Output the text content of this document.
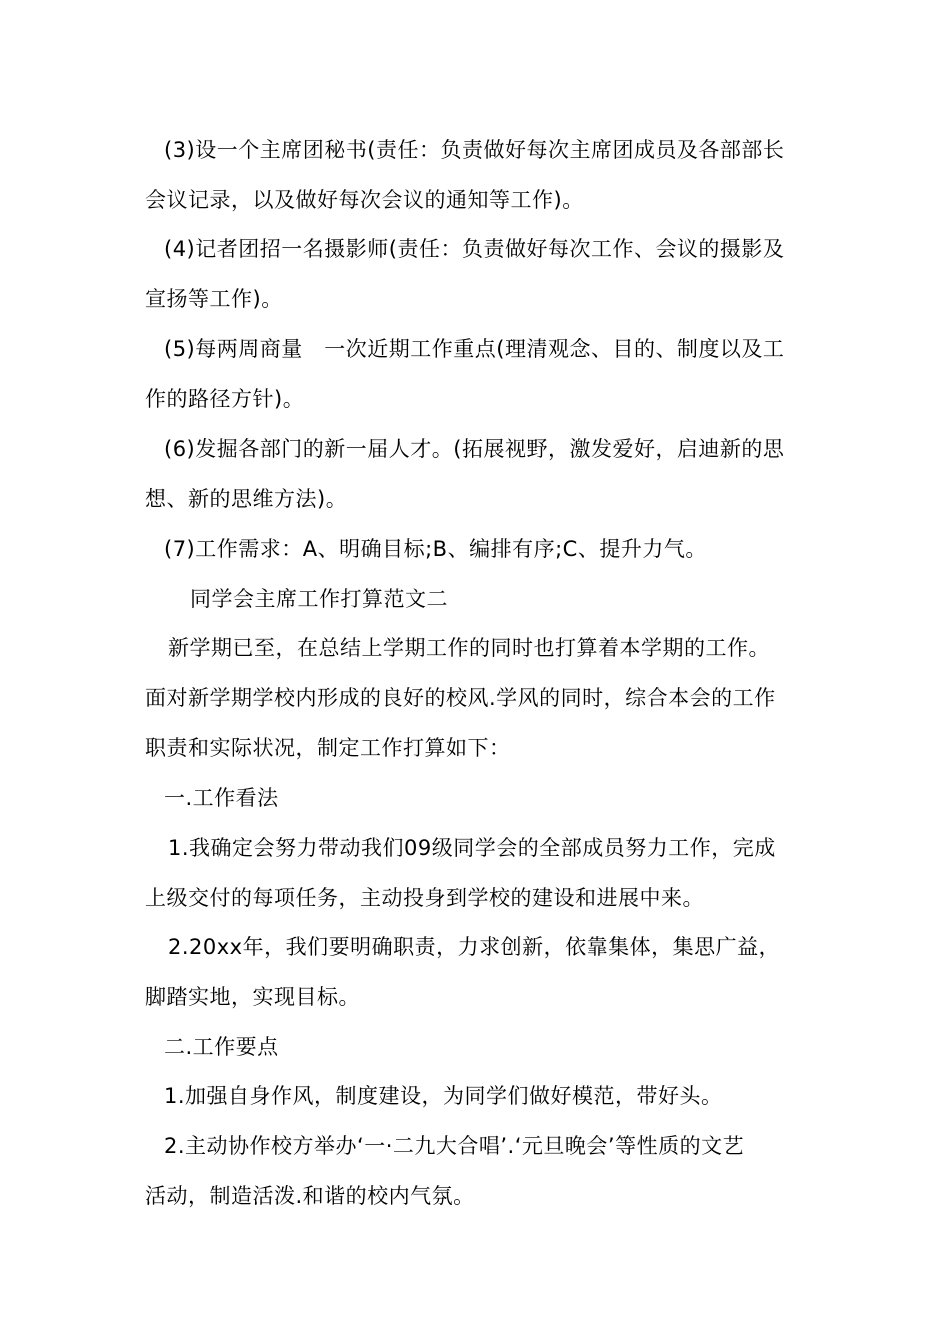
(3)设一个主席团秘书(责任：负责做好每次主席团成员及各部部长
会议记录，以及做好每次会议的通知等工作)。
(4)记者团招一名摄影师(责任：负责做好每次工作、会议的摄影及
宣扬等工作)。
(5)每两周商量　一次近期工作重点(理清观念、目的、制度以及工
作的路径方针)。
(6)发掘各部门的新一届人才。(拓展视野，激发爱好，启迪新的思
想、新的思维方法)。
(7)工作需求：A、明确目标;B、编排有序;C、提升力气。
同学会主席工作打算范文二
新学期已至，在总结上学期工作的同时也打算着本学期的工作。
面对新学期学校内形成的良好的校风.学风的同时，综合本会的工作
职责和实际状况，制定工作打算如下：
一.工作看法
1.我确定会努力带动我们09级同学会的全部成员努力工作，完成
上级交付的每项任务，主动投身到学校的建设和进展中来。
2.20xx年，我们要明确职责，力求创新，依靠集体，集思广益，
脚踏实地，实现目标。
二.工作要点
1.加强自身作风，制度建设，为同学们做好模范，带好头。
2.主动协作校方举办‘一·二九大合唱’.‘元旦晚会’等性质的文艺
活动，制造活泼.和谐的校内气氛。
